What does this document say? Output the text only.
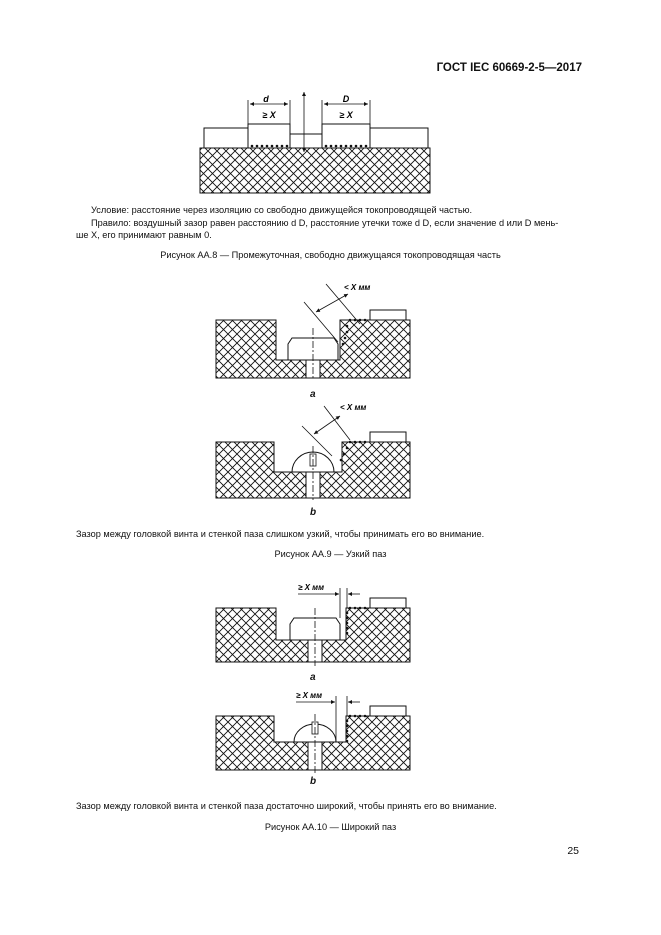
ГОСТ IEC 60669-2-5—2017
d
≥ X
D
≥ X
Условие: расстояние через изоляцию со свободно движущейся токопроводящей частью.
Правило: воздушный зазор равен расстоянию d D, расстояние утечки тоже d D, если значение d или D мень-
ше X, его принимают равным 0.
Рисунок АА.8 — Промежуточная, свободно движущаяся токопроводящая часть
< X мм
а
< X мм
b
Зазор между головкой винта и стенкой паза слишком узкий, чтобы принимать его во внимание.
Рисунок АА.9 — Узкий паз
≥ X мм
а
≥ X мм
b
Зазор между головкой винта и стенкой паза достаточно широкий, чтобы принять его во внимание.
Рисунок АА.10 — Широкий паз
25
